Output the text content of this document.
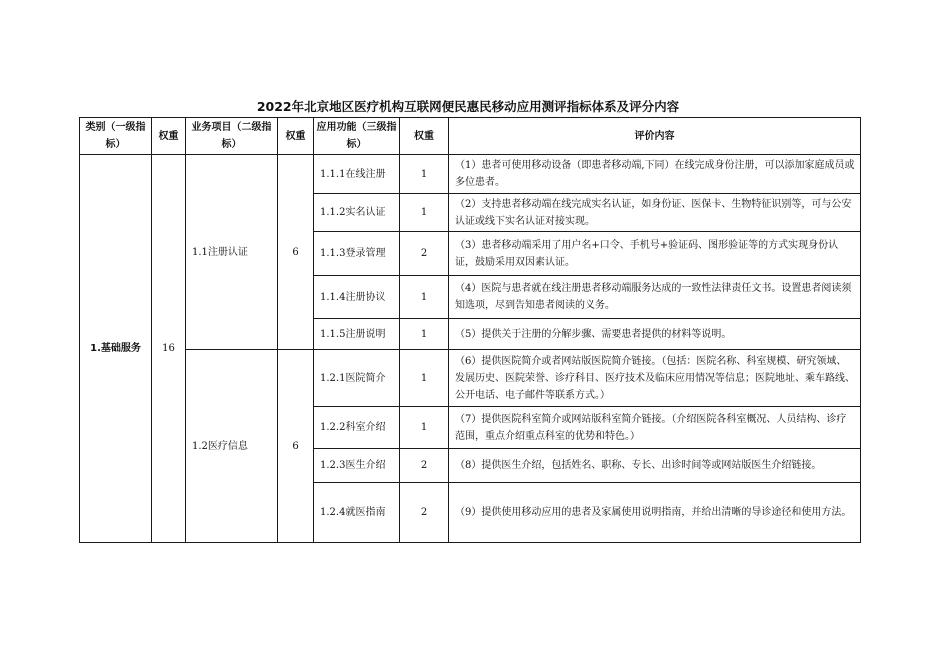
2022年北京地区医疗机构互联网便民惠民移动应用测评指标体系及评分内容
类别（一级指标）	权重	业务项目（二级指标）	权重	应用功能（三级指标）	权重	评价内容
1.基础服务	16	1.1注册认证	6	1.1.1在线注册	1	（1）患者可使用移动设备（即患者移动端,下同）在线完成身份注册，可以添加家庭成员或多位患者。
				1.1.2实名认证	1	（2）支持患者移动端在线完成实名认证，如身份证、医保卡、生物特征识别等，可与公安认证或线下实名认证对接实现。
				1.1.3登录管理	2	（3）患者移动端采用了用户名+口令、手机号+验证码、图形验证等的方式实现身份认证，鼓励采用双因素认证。
				1.1.4注册协议	1	（4）医院与患者就在线注册患者移动端服务达成的一致性法律责任文书。设置患者阅读须知选项，尽到告知患者阅读的义务。
				1.1.5注册说明	1	（5）提供关于注册的分解步骤、需要患者提供的材料等说明。
		1.2医疗信息	6	1.2.1医院简介	1	（6）提供医院简介或者网站版医院简介链接。（包括：医院名称、科室规模、研究领域、发展历史、医院荣誉、诊疗科目、医疗技术及临床应用情况等信息；医院地址、乘车路线、公开电话、电子邮件等联系方式。）
				1.2.2科室介绍	1	（7）提供医院科室简介或网站版科室简介链接。（介绍医院各科室概况、人员结构、诊疗范围，重点介绍重点科室的优势和特色。）
				1.2.3医生介绍	2	（8）提供医生介绍，包括姓名、职称、专长、出诊时间等或网站版医生介绍链接。
				1.2.4就医指南	2	（9）提供使用移动应用的患者及家属使用说明指南，并给出清晰的导诊途径和使用方法。
